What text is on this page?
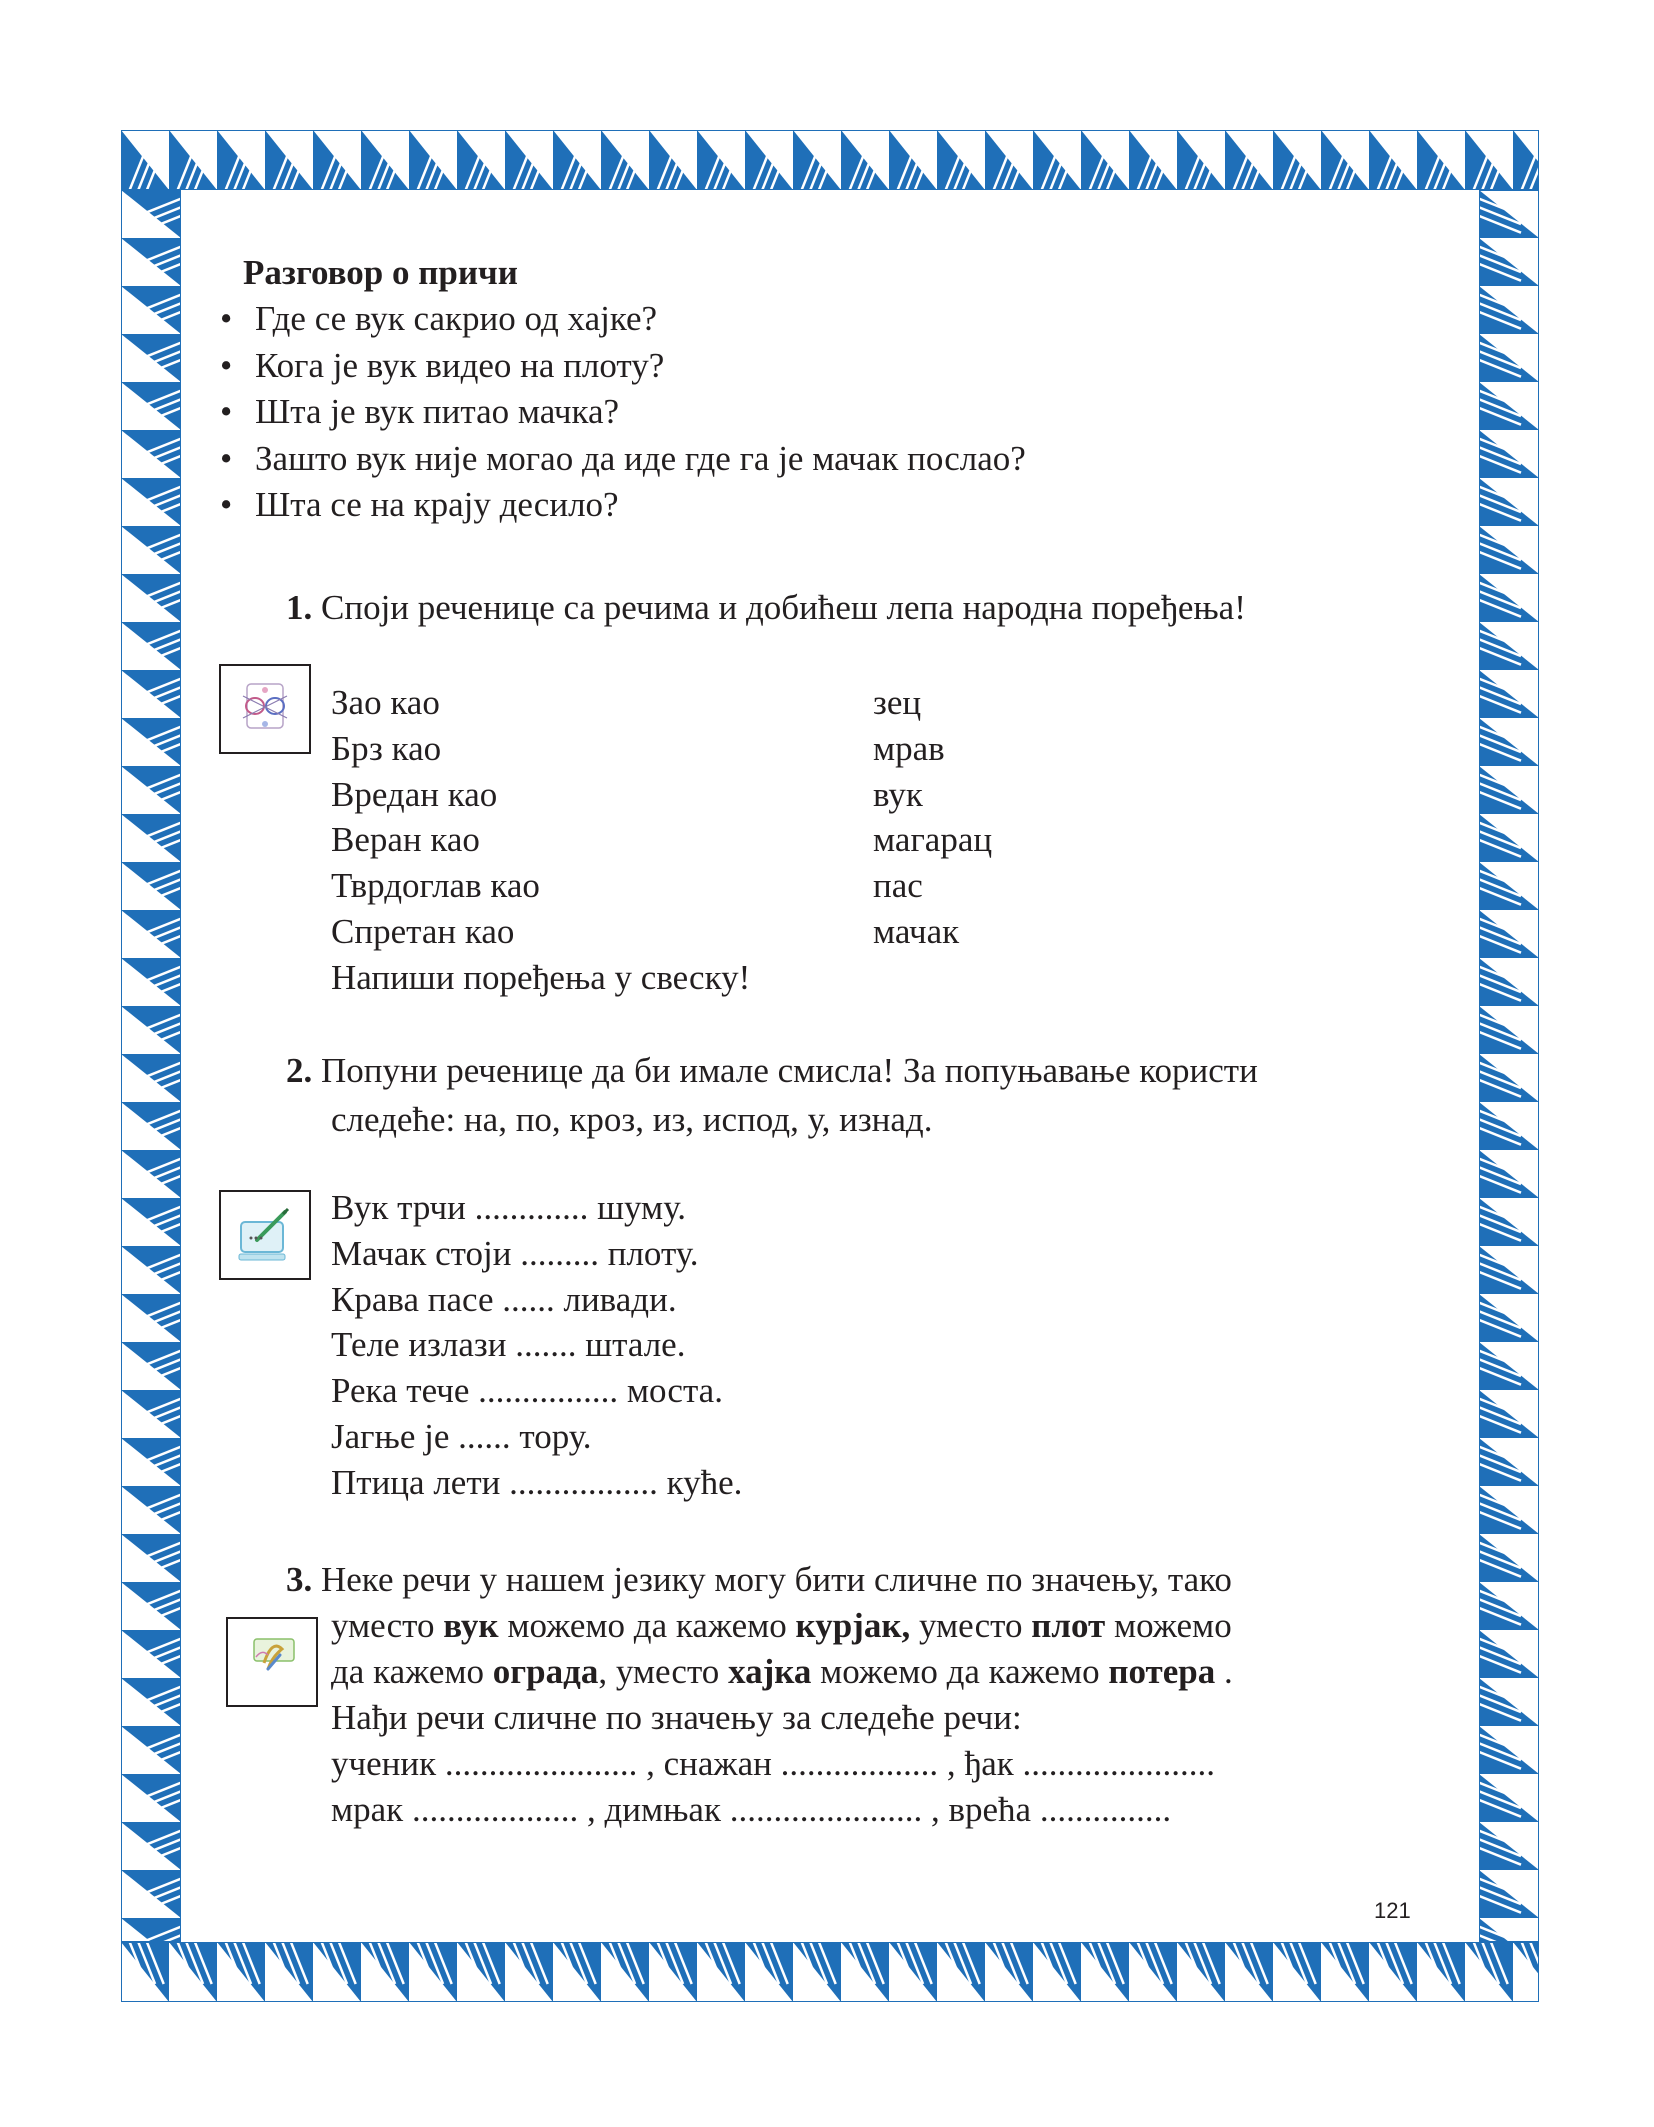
Разговор о причи
• Где се вук сакрио од хајке?
• Кога је вук видео на плоту?
• Шта је вук питао мачка?
• Зашто вук није могао да иде где га је мачак послао?
• Шта се на крају десило?
1. Споји реченице са речима и добићеш лепа народна поређења!
Зао као
Брз као
Вредан као
Веран као
Тврдоглав као
Спретан као
Напиши поређења у свеску!
зец
мрав
вук
магарац
пас
мачак
2. Попуни реченице да би имале смисла! За попуњавање користи
следеће: на, по, кроз, из, испод, у, изнад.
Вук трчи ............. шуму.
Мачак стоји ......... плоту.
Крава пасе ...... ливади.
Теле излази ....... штале.
Река тече ................ моста.
Јагње је ...... тору.
Птица лети ................. куће.
3. Неке речи у нашем језику могу бити сличне по значењу, тако
уместо вук можемо да кажемо курјак, уместо плот можемо
да кажемо ограда, уместо хајка можемо да кажемо потера .
Нађи речи сличне по значењу за следеће речи:
ученик ...................... , снажан .................. , ђак ......................
мрак ................... , димњак ...................... , врећа ...............
121
